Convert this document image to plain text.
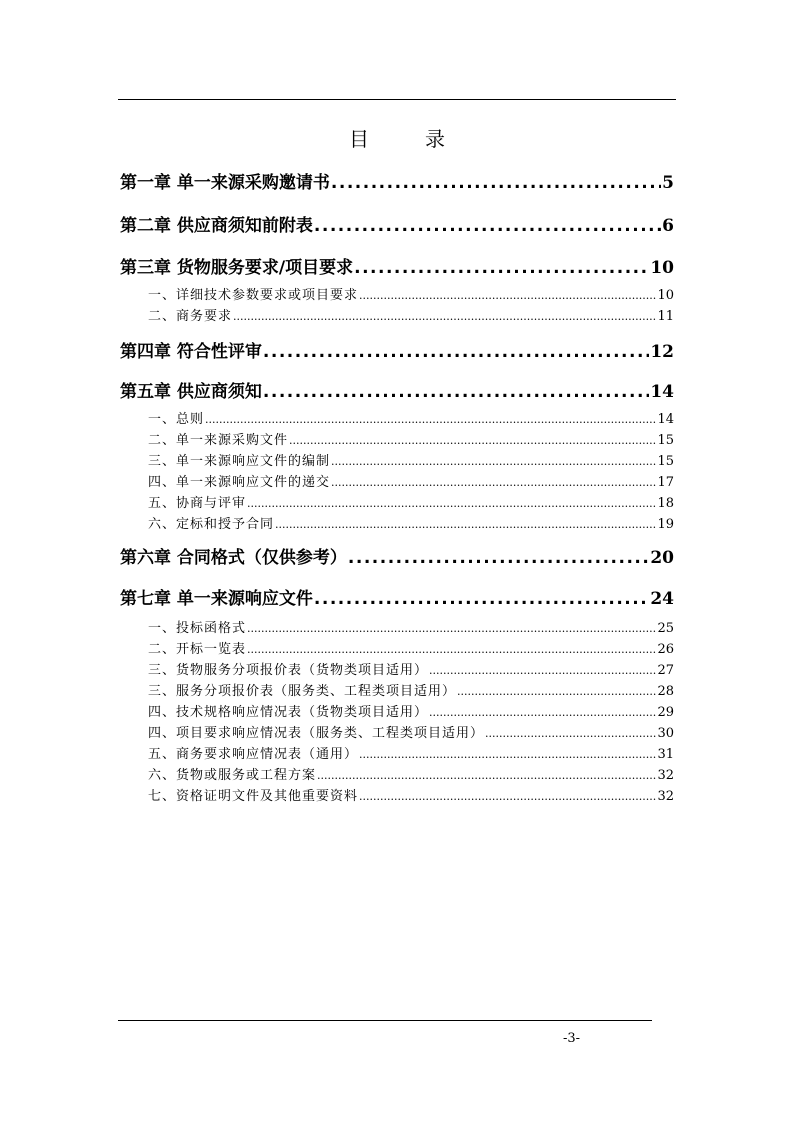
目　录
第一章 单一来源采购邀请书 .....	5
第二章 供应商须知前附表 .....	6
第三章 货物服务要求/项目要求 .....	10
一、详细技术参数要求或项目要求 .....	10
二、商务要求 .....	11
第四章 符合性评审 .....	12
第五章 供应商须知 .....	14
一、总则 .....	14
二、单一来源采购文件 .....	15
三、单一来源响应文件的编制 .....	15
四、单一来源响应文件的递交 .....	17
五、协商与评审 .....	18
六、定标和授予合同 .....	19
第六章 合同格式（仅供参考） .....	20
第七章 单一来源响应文件 .....	24
一、投标函格式 .....	25
二、开标一览表 .....	26
三、货物服务分项报价表（货物类项目适用） .....	27
三、服务分项报价表（服务类、工程类项目适用） .....	28
四、技术规格响应情况表（货物类项目适用） .....	29
四、项目要求响应情况表（服务类、工程类项目适用） .....	30
五、商务要求响应情况表（通用） .....	31
六、货物或服务或工程方案 .....	32
七、资格证明文件及其他重要资料 .....	32
-3-
